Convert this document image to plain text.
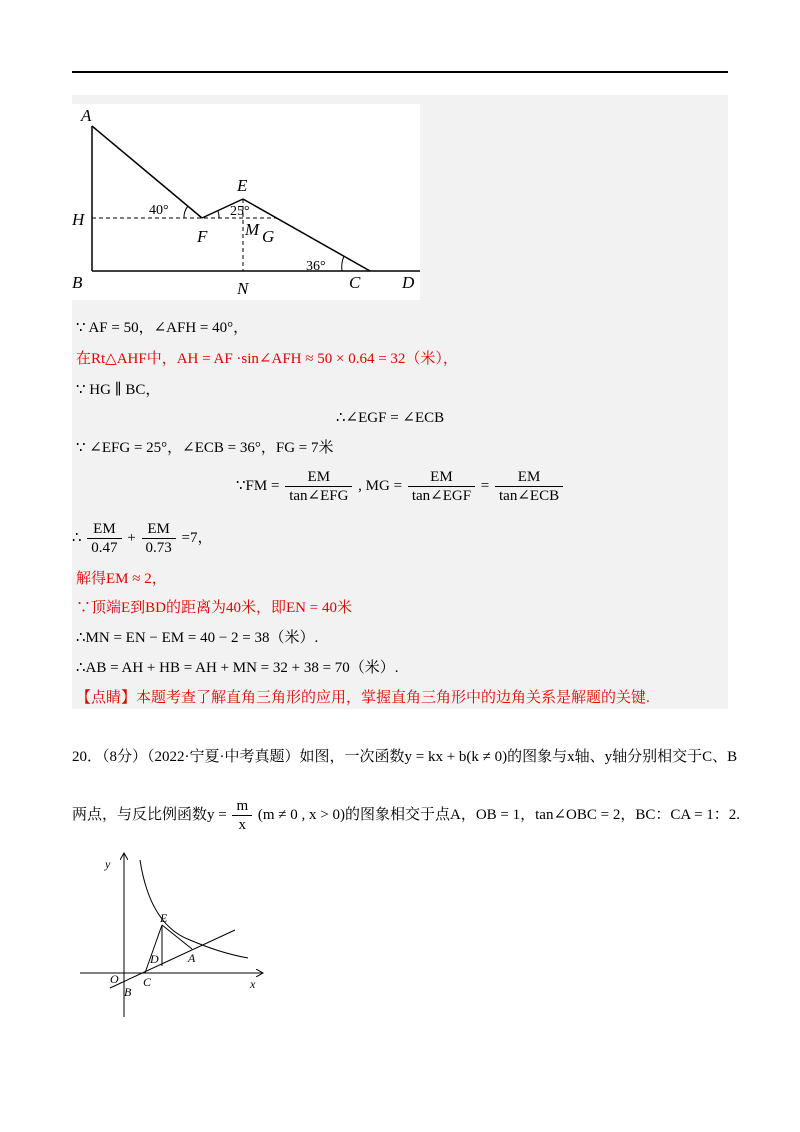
A
H
B
F
E
M G
N	C D
40°	25°
36°
∵ AF = 50，∠AFH = 40°，
在Rt△AHF中，AH = AF ·sin∠AFH ≈ 50 × 0.64 = 32（米），
∵ HG ∥ BC，
∴∠EGF = ∠ECB
∵ ∠EFG = 25°，∠ECB = 36°，FG = 7米
∵FM = $\frac{EM}{\text{tan∠EFG}}$ , MG = $\frac{EM}{\text{tan∠EGF}} = \frac{EM}{\text{tan∠ECB}}$
∴ $\frac{EM}{0.47} + \frac{EM}{0.73} =7$，
解得EM ≈ 2，
∵顶端E到BD的距离为40米，即EN = 40米
∴MN = EN − EM = 40 − 2 = 38（米）.
∴AB = AH + HB = AH + MN = 32 + 38 = 70（米）.
【点睛】本题考查了解直角三角形的应用，掌握直角三角形中的边角关系是解题的关键.
20．（8分）（2022·宁夏·中考真题）如图，一次函数y = kx + b(k ≠ 0)的图象与x轴、y轴分别相交于C、B
两点，与反比例函数$y = \frac{m}{x} (m \ne 0$ , x > 0)的图象相交于点A，OB = 1，tan∠OBC = 2，BC：CA = 1：2.
y
x
O
B
C
D
E
A
